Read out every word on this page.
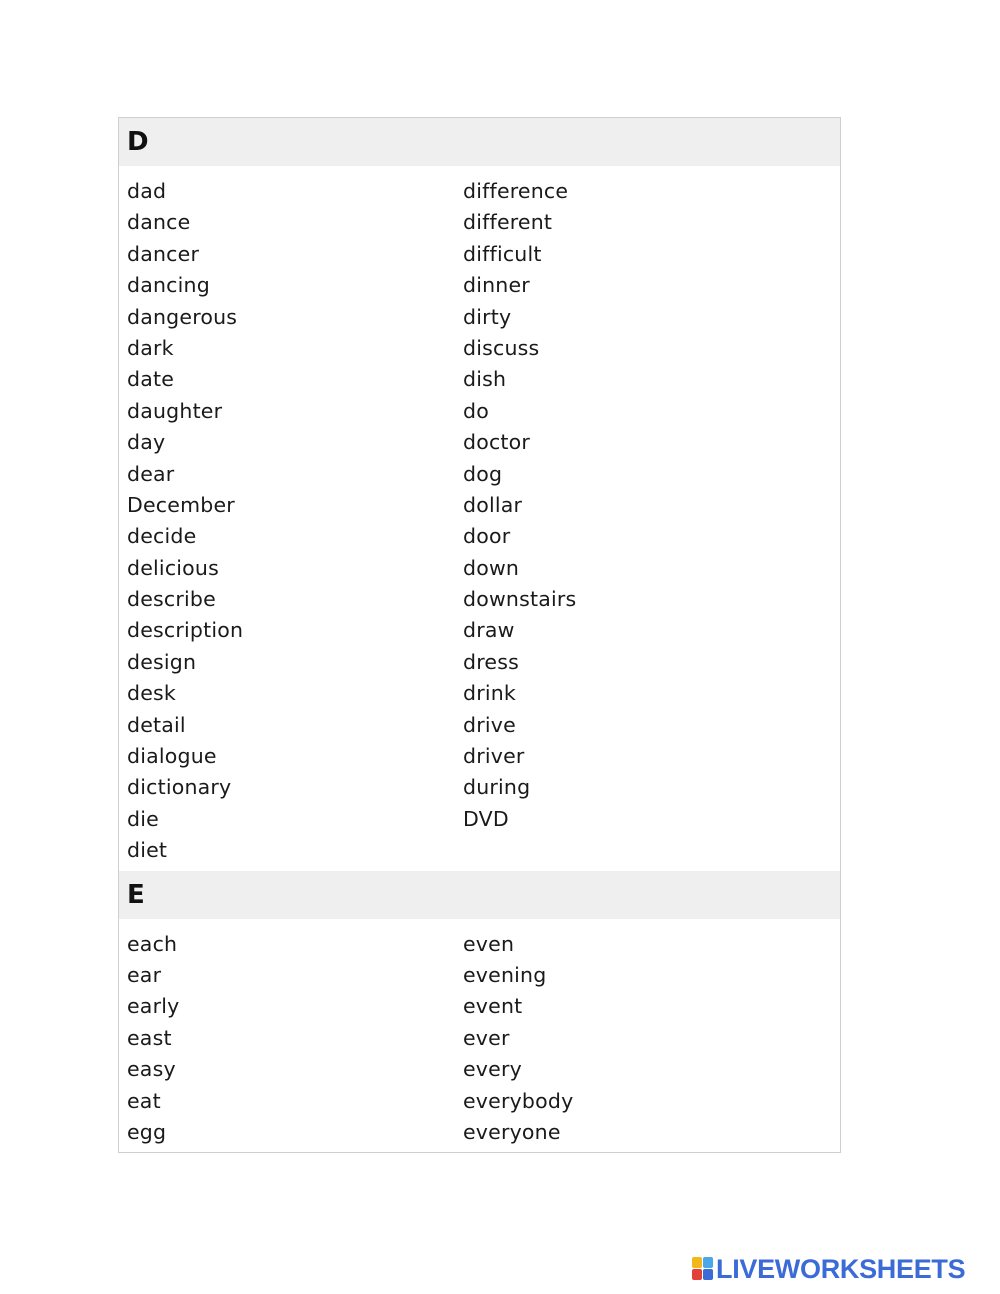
D
dad
dance
dancer
dancing
dangerous
dark
date
daughter
day
dear
December
decide
delicious
describe
description
design
desk
detail
dialogue
dictionary
die
diet
difference
different
difficult
dinner
dirty
discuss
dish
do
doctor
dog
dollar
door
down
downstairs
draw
dress
drink
drive
driver
during
DVD
E
each
ear
early
east
easy
eat
egg
even
evening
event
ever
every
everybody
everyone
LIVEWORKSHEETS
